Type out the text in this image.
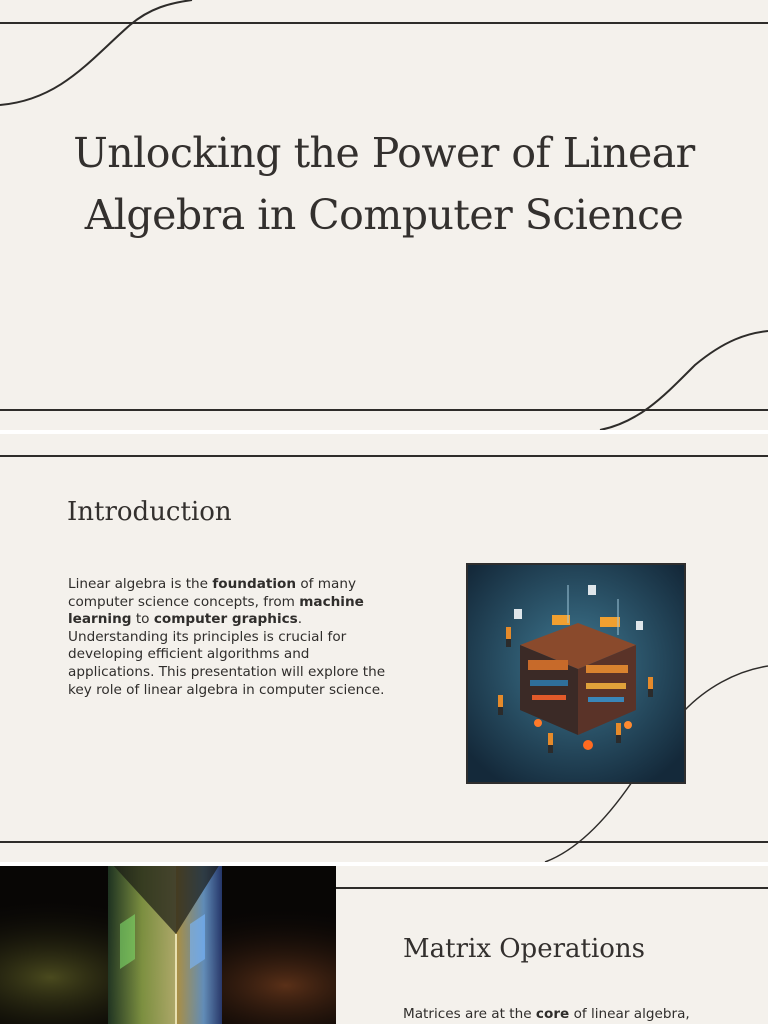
Unlocking the Power of Linear
Algebra in Computer Science
Introduction

Linear algebra is the foundation of many computer science concepts, from machine learning to computer graphics. Understanding its principles is crucial for developing efficient algorithms and applications. This presentation will explore the key role of linear algebra in computer science.

Matrix Operations

Matrices are at the core of linear algebra,
